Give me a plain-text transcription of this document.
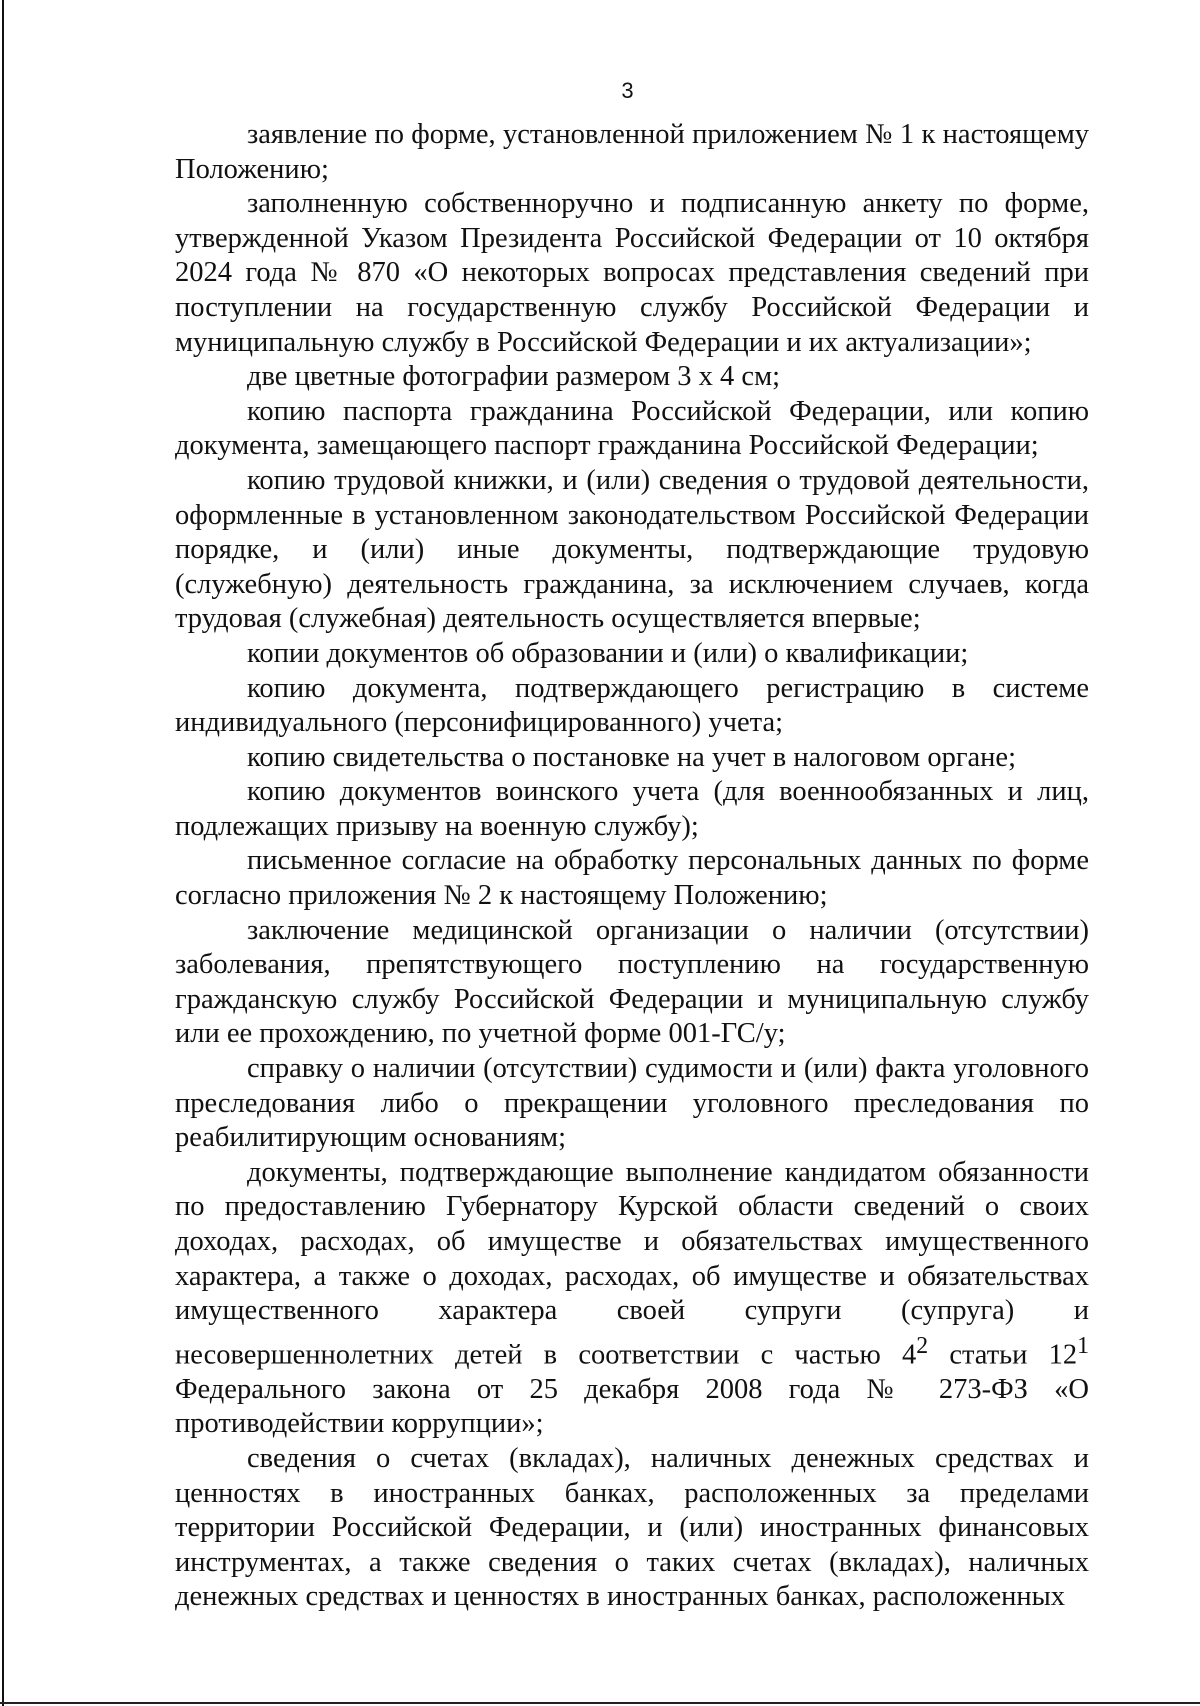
3

заявление по форме, установленной приложением № 1 к настоящему Положению;

заполненную собственноручно и подписанную анкету по форме, утвержденной Указом Президента Российской Федерации от 10 октября 2024 года № 870 «О некоторых вопросах представления сведений при поступлении на государственную службу Российской Федерации и муниципальную службу в Российской Федерации и их актуализации»;

две цветные фотографии размером 3 х 4 см;

копию паспорта гражданина Российской Федерации, или копию документа, замещающего паспорт гражданина Российской Федерации;

копию трудовой книжки, и (или) сведения о трудовой деятельности, оформленные в установленном законодательством Российской Федерации порядке, и (или) иные документы, подтверждающие трудовую (служебную) деятельность гражданина, за исключением случаев, когда трудовая (служебная) деятельность осуществляется впервые;

копии документов об образовании и (или) о квалификации;

копию документа, подтверждающего регистрацию в системе индивидуального (персонифицированного) учета;

копию свидетельства о постановке на учет в налоговом органе;

копию документов воинского учета (для военнообязанных и лиц, подлежащих призыву на военную службу);

письменное согласие на обработку персональных данных по форме согласно приложения № 2 к настоящему Положению;

заключение медицинской организации о наличии (отсутствии) заболевания, препятствующего поступлению на государственную гражданскую службу Российской Федерации и муниципальную службу или ее прохождению, по учетной форме 001-ГС/у;

справку о наличии (отсутствии) судимости и (или) факта уголовного преследования либо о прекращении уголовного преследования по реабилитирующим основаниям;

документы, подтверждающие выполнение кандидатом обязанности по предоставлению Губернатору Курской области сведений о своих доходах, расходах, об имуществе и обязательствах имущественного характера, а также о доходах, расходах, об имуществе и обязательствах имущественного характера своей супруги (супруга) и несовершеннолетних детей в соответствии с частью $4^2$ статьи $12^1$ Федерального закона от 25 декабря 2008 года № 273-ФЗ «О противодействии коррупции»;

сведения о счетах (вкладах), наличных денежных средствах и ценностях в иностранных банках, расположенных за пределами территории Российской Федерации, и (или) иностранных финансовых инструментах, а также сведения о таких счетах (вкладах), наличных денежных средствах и ценностях в иностранных банках, расположенных
